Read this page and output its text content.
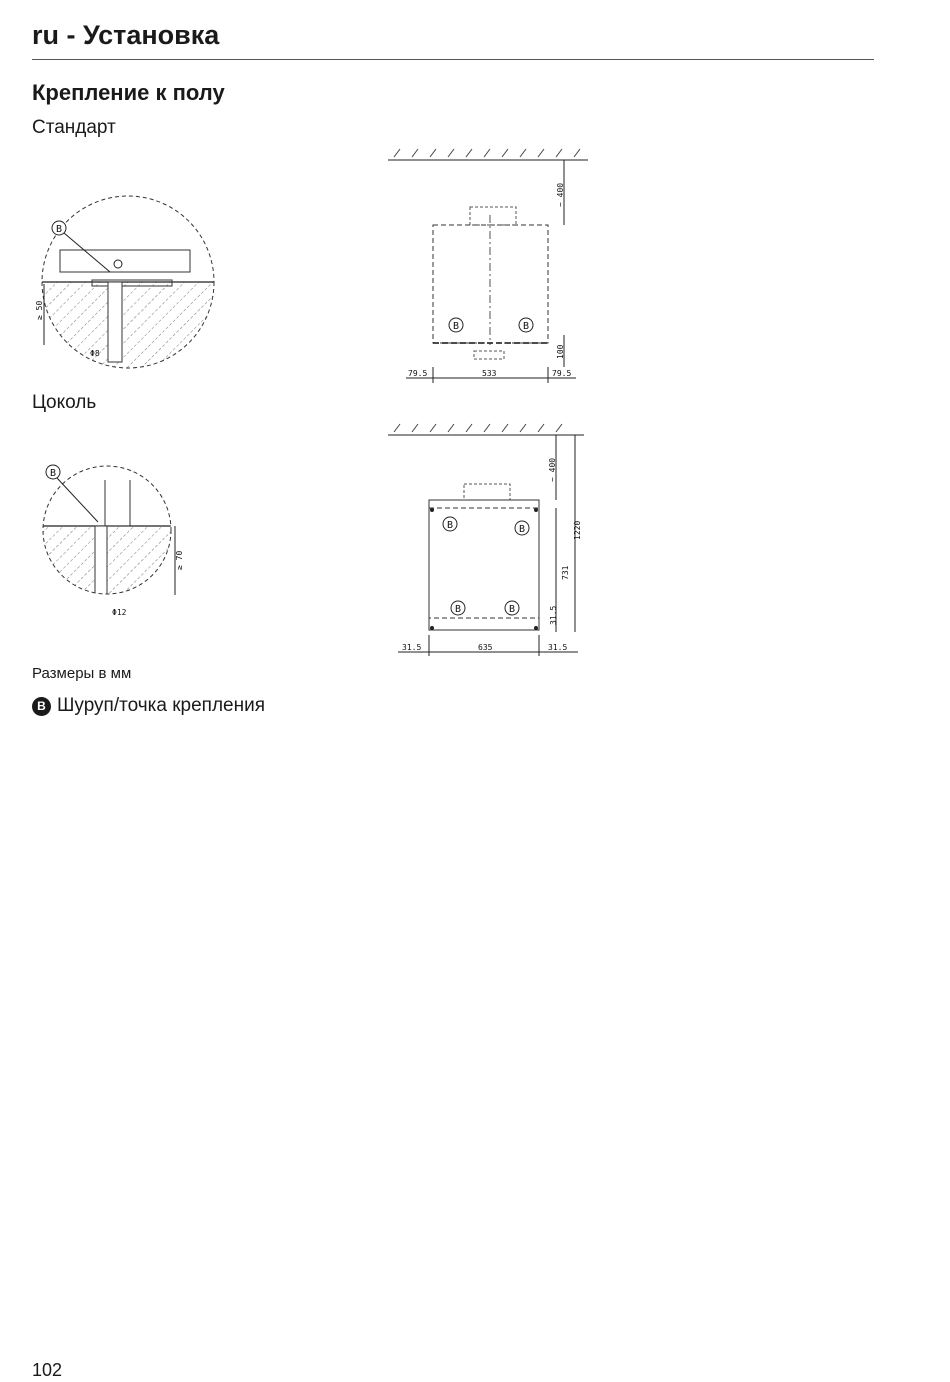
ru - Установка
Крепление к полу
Стандарт
B
≥ 50
Φ8
~ 400
100
B	B
79.5	533	79.5
Цоколь
B
≥ 70
Φ12
B	B
B	B
~ 400
1220
731
31.5
31.5	635	31.5
Размеры в мм
B Шуруп/точка крепления
102
